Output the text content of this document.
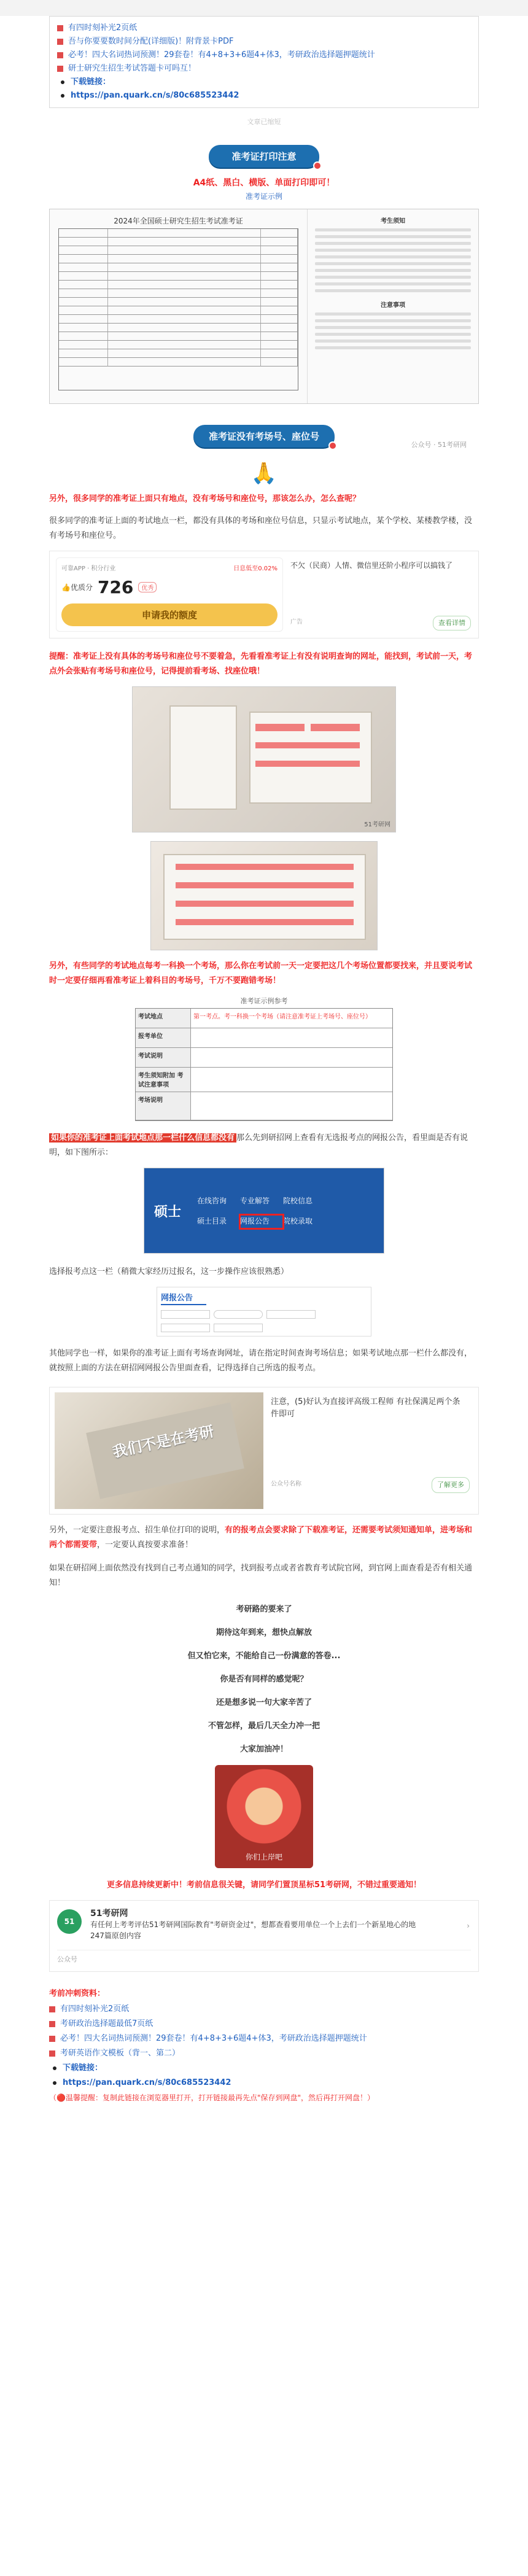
有四时刻补光2页纸
吾与你要要数时间分配(详细版)！附背景卡PDF
必考！四大名词热词预测！29套卷！有4+8+3+6题4+体3，考研政治选择题押题统计
研士研究生招生考试答题卡可吗互！
下载链接：
https://pan.quark.cn/s/80c685523442
文章已缩短
准考证打印注意
A4纸、黑白、横版、单面打印即可！
准考证示例
2024年全国硕士研究生招生考试准考证	考生须知
注意事项
公众号 · 51考研网
准考证没有考场号、座位号
🙏

另外，很多同学的准考证上面只有地点，没有考场号和座位号，那该怎么办，怎么查呢？

很多同学的准考证上面的考试地点一栏，都没有具体的考场和座位号信息，只显示考试地点，某个学校、某楼教学楼，没有考场号和座位号。

可靠APP · 积分行业	日息低至0.02%
👍 优质分 726	优秀
申请我的额度
不欠（民商）人情、微信里还阶小程序可以搞钱了
广告	查看详情

提醒：准考证上没有具体的考场号和座位号不要着急，先看看准考证上有没有说明查询的网址，能找到，考试前一天，考点外会张贴有考场号和座位号，记得提前看考场、找座位哦！

51考研网

另外，有些同学的考试地点每考一科换一个考场，那么你在考试前一天一定要把这几个考场位置都要找来，并且要说考试时一定要仔细再看准考证上着科目的考场号，千万不要跑错考场！

准考证示例参考
考试地点	第一考点。考一科换一个考场（请注意准考证上考场号、座位号）
报考单位
考试说明
考生须知附加 考试注意事项
考场说明

如果你的准考证上面考试地点那一栏什么信息都没有 那么先到研招网上查看有无选报考点的网报公告，看里面是否有说明，如下图所示：

硕士
在线咨询	专业解答	院校信息
硕士目录	网报公告	院校录取

选择报考点这一栏（稍微大家经历过报名，这一步操作应该很熟悉）

网报公告

其他同学也一样，如果你的准考证上面有考场查询网址，请在指定时间查询考场信息；如果考试地点那一栏什么都没有，就按照上面的方法在研招网网报公告里面查看，记得选择自己所选的报考点。

我们不是在考研
注意，(5)好认为直接评高级工程师 有社保满足两个条件即可
公众号名称	了解更多

另外，一定要注意报考点、招生单位打印的说明，有的报考点会要求除了下载准考证，还需要考试须知通知单，进考场和两个都需要带，一定要认真按要求准备！

如果在研招网上面依然没有找到自己考点通知的同学，找到报考点或者省教育考试院官网，到官网上面查看是否有相关通知！

考研路的要来了
期待这年到来，想快点解放
但又怕它来，不能给自己一份满意的答卷...
你是否有同样的感觉呢？
还是想多说一句大家辛苦了
不管怎样，最后几天全力冲一把
大家加油冲！
你们上岸吧

更多信息持续更新中！考前信息很关键，请同学们置顶星标51考研网，不错过重要通知！

51
51考研网
有任何上考考评估51考研网国际教育"考研资金过"，想都查看要用单位一个上去们一个新星地心的地
247篇原创内容
›
公众号
考前冲刺资料：
有四时刻补光2页纸
考研政治选择题最低7页纸
必考！四大名词热词预测！29套卷！有4+8+3+6题4+体3，考研政治选择题押题统计
考研英语作文模板（背一、第二）
下载链接：
https://pan.quark.cn/s/80c685523442
（🔴温馨提醒：复制此链接在浏览器里打开，打开链接最再先点"保存到网盘"，然后再打开网盘！）
